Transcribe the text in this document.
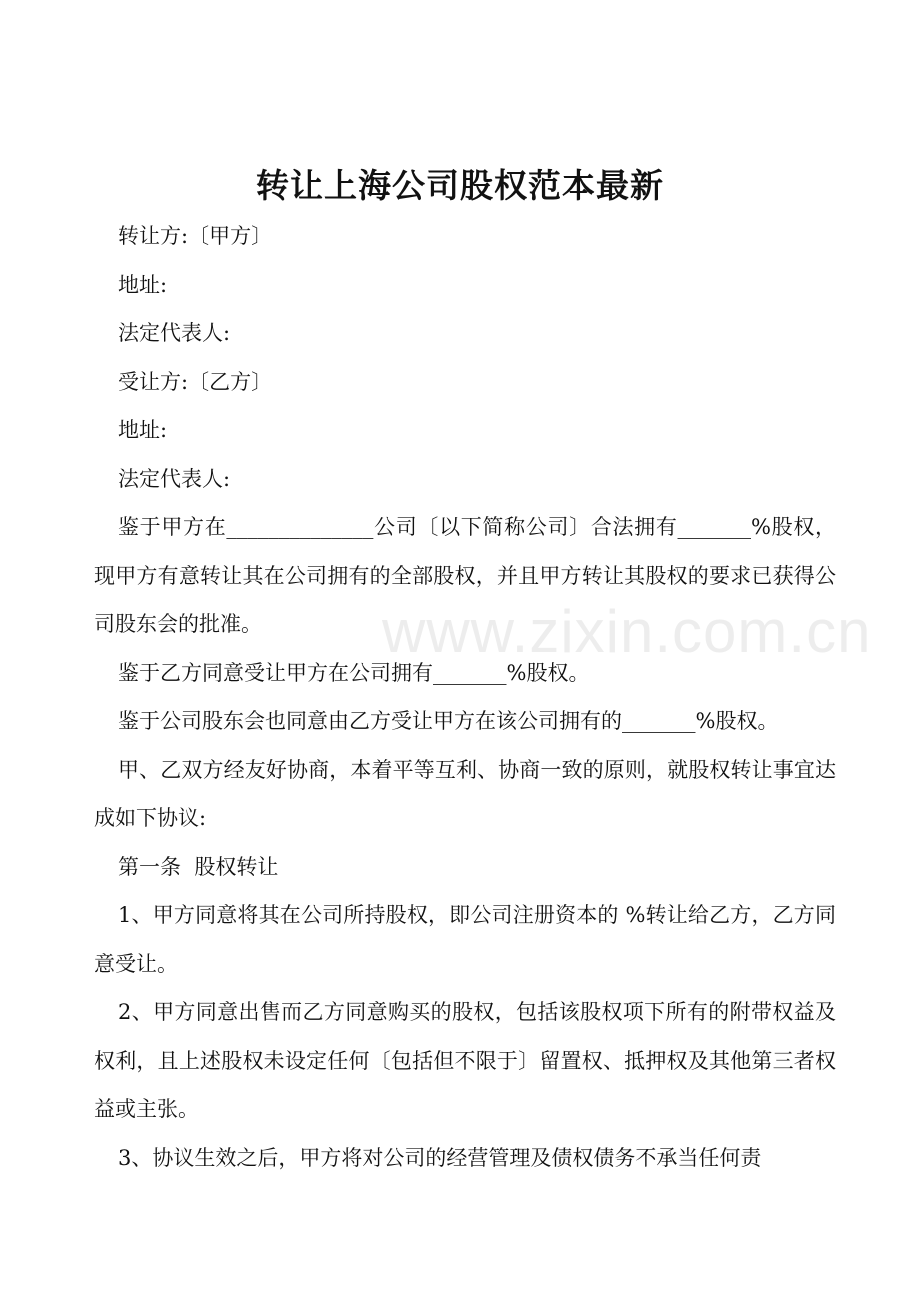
www.zixin.com.cn
转让上海公司股权范本最新

转让方:〔甲方〕

地址:

法定代表人:

受让方:〔乙方〕

地址:

法定代表人:

鉴于甲方在______________公司〔以下简称公司〕合法拥有_______%股权，现甲方有意转让其在公司拥有的全部股权，并且甲方转让其股权的要求已获得公司股东会的批准。

鉴于乙方同意受让甲方在公司拥有_______%股权。

鉴于公司股东会也同意由乙方受让甲方在该公司拥有的_______%股权。

甲、乙双方经友好协商，本着平等互利、协商一致的原则，就股权转让事宜达成如下协议:

第一条  股权转让

1、甲方同意将其在公司所持股权，即公司注册资本的 %转让给乙方，乙方同意受让。

2、甲方同意出售而乙方同意购买的股权，包括该股权项下所有的附带权益及权利，且上述股权未设定任何〔包括但不限于〕留置权、抵押权及其他第三者权益或主张。

3、协议生效之后，甲方将对公司的经营管理及债权债务不承当任何责
